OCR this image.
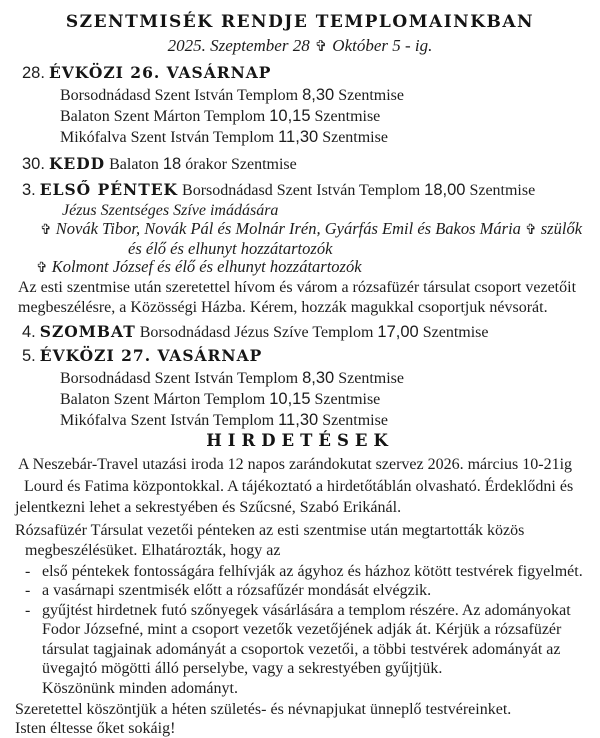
SZENTMISÉK RENDJE TEMPLOMAINKBAN
2025. Szeptember 28 ✞ Október 5 - ig.
28. ÉVKÖZI 26. VASÁRNAP
Borsodnádasd Szent István Templom 8,30 Szentmise
Balaton Szent Márton Templom 10,15 Szentmise
Mikófalva Szent István Templom 11,30 Szentmise
30. KEDD Balaton 18 órakor Szentmise
3. ELSŐ PÉNTEK Borsodnádasd Szent István Templom 18,00 Szentmise
Jézus Szentséges Szíve imádására
✞ Novák Tibor, Novák Pál és Molnár Irén, Gyárfás Emil és Bakos Mária ✞ szülők
és élő és elhunyt hozzátartozók
✞ Kolmont József és élő és elhunyt hozzátartozók
Az esti szentmise után szeretettel hívom és várom a rózsafüzér társulat csoport vezetőit
megbeszélésre, a Közösségi Házba. Kérem, hozzák magukkal csoportjuk névsorát.
4. SZOMBAT Borsodnádasd Jézus Szíve Templom 17,00 Szentmise
5. ÉVKÖZI 27. VASÁRNAP
Borsodnádasd Szent István Templom 8,30 Szentmise
Balaton Szent Márton Templom 10,15 Szentmise
Mikófalva Szent István Templom 11,30 Szentmise
HIRDETÉSEK
A Neszebár-Travel utazási iroda 12 napos zarándokutat szervez 2026. március 10-21ig
Lourd és Fatima központokkal. A tájékoztató a hirdetőtáblán olvasható. Érdeklődni és
jelentkezni lehet a sekrestyében és Szűcsné, Szabó Erikánál.
Rózsafüzér Társulat vezetői pénteken az esti szentmise után megtartották közös
megbeszélésüket. Elhatározták, hogy az
- első péntekek fontosságára felhívják az ágyhoz és házhoz kötött testvérek figyelmét.
- a vasárnapi szentmisék előtt a rózsafűzér mondását elvégzik.
- gyűjtést hirdetnek futó szőnyegek vásárlására a templom részére. Az adományokat
Fodor Józsefné, mint a csoport vezetők vezetőjének adják át. Kérjük a rózsafüzér
társulat tagjainak adományát a csoportok vezetői, a többi testvérek adományát az
üvegajtó mögötti álló perselybe, vagy a sekrestyében gyűjtjük.
Köszönünk minden adományt.
Szeretettel köszöntjük a héten születés- és névnapjukat ünneplő testvéreinket.
Isten éltesse őket sokáig!
